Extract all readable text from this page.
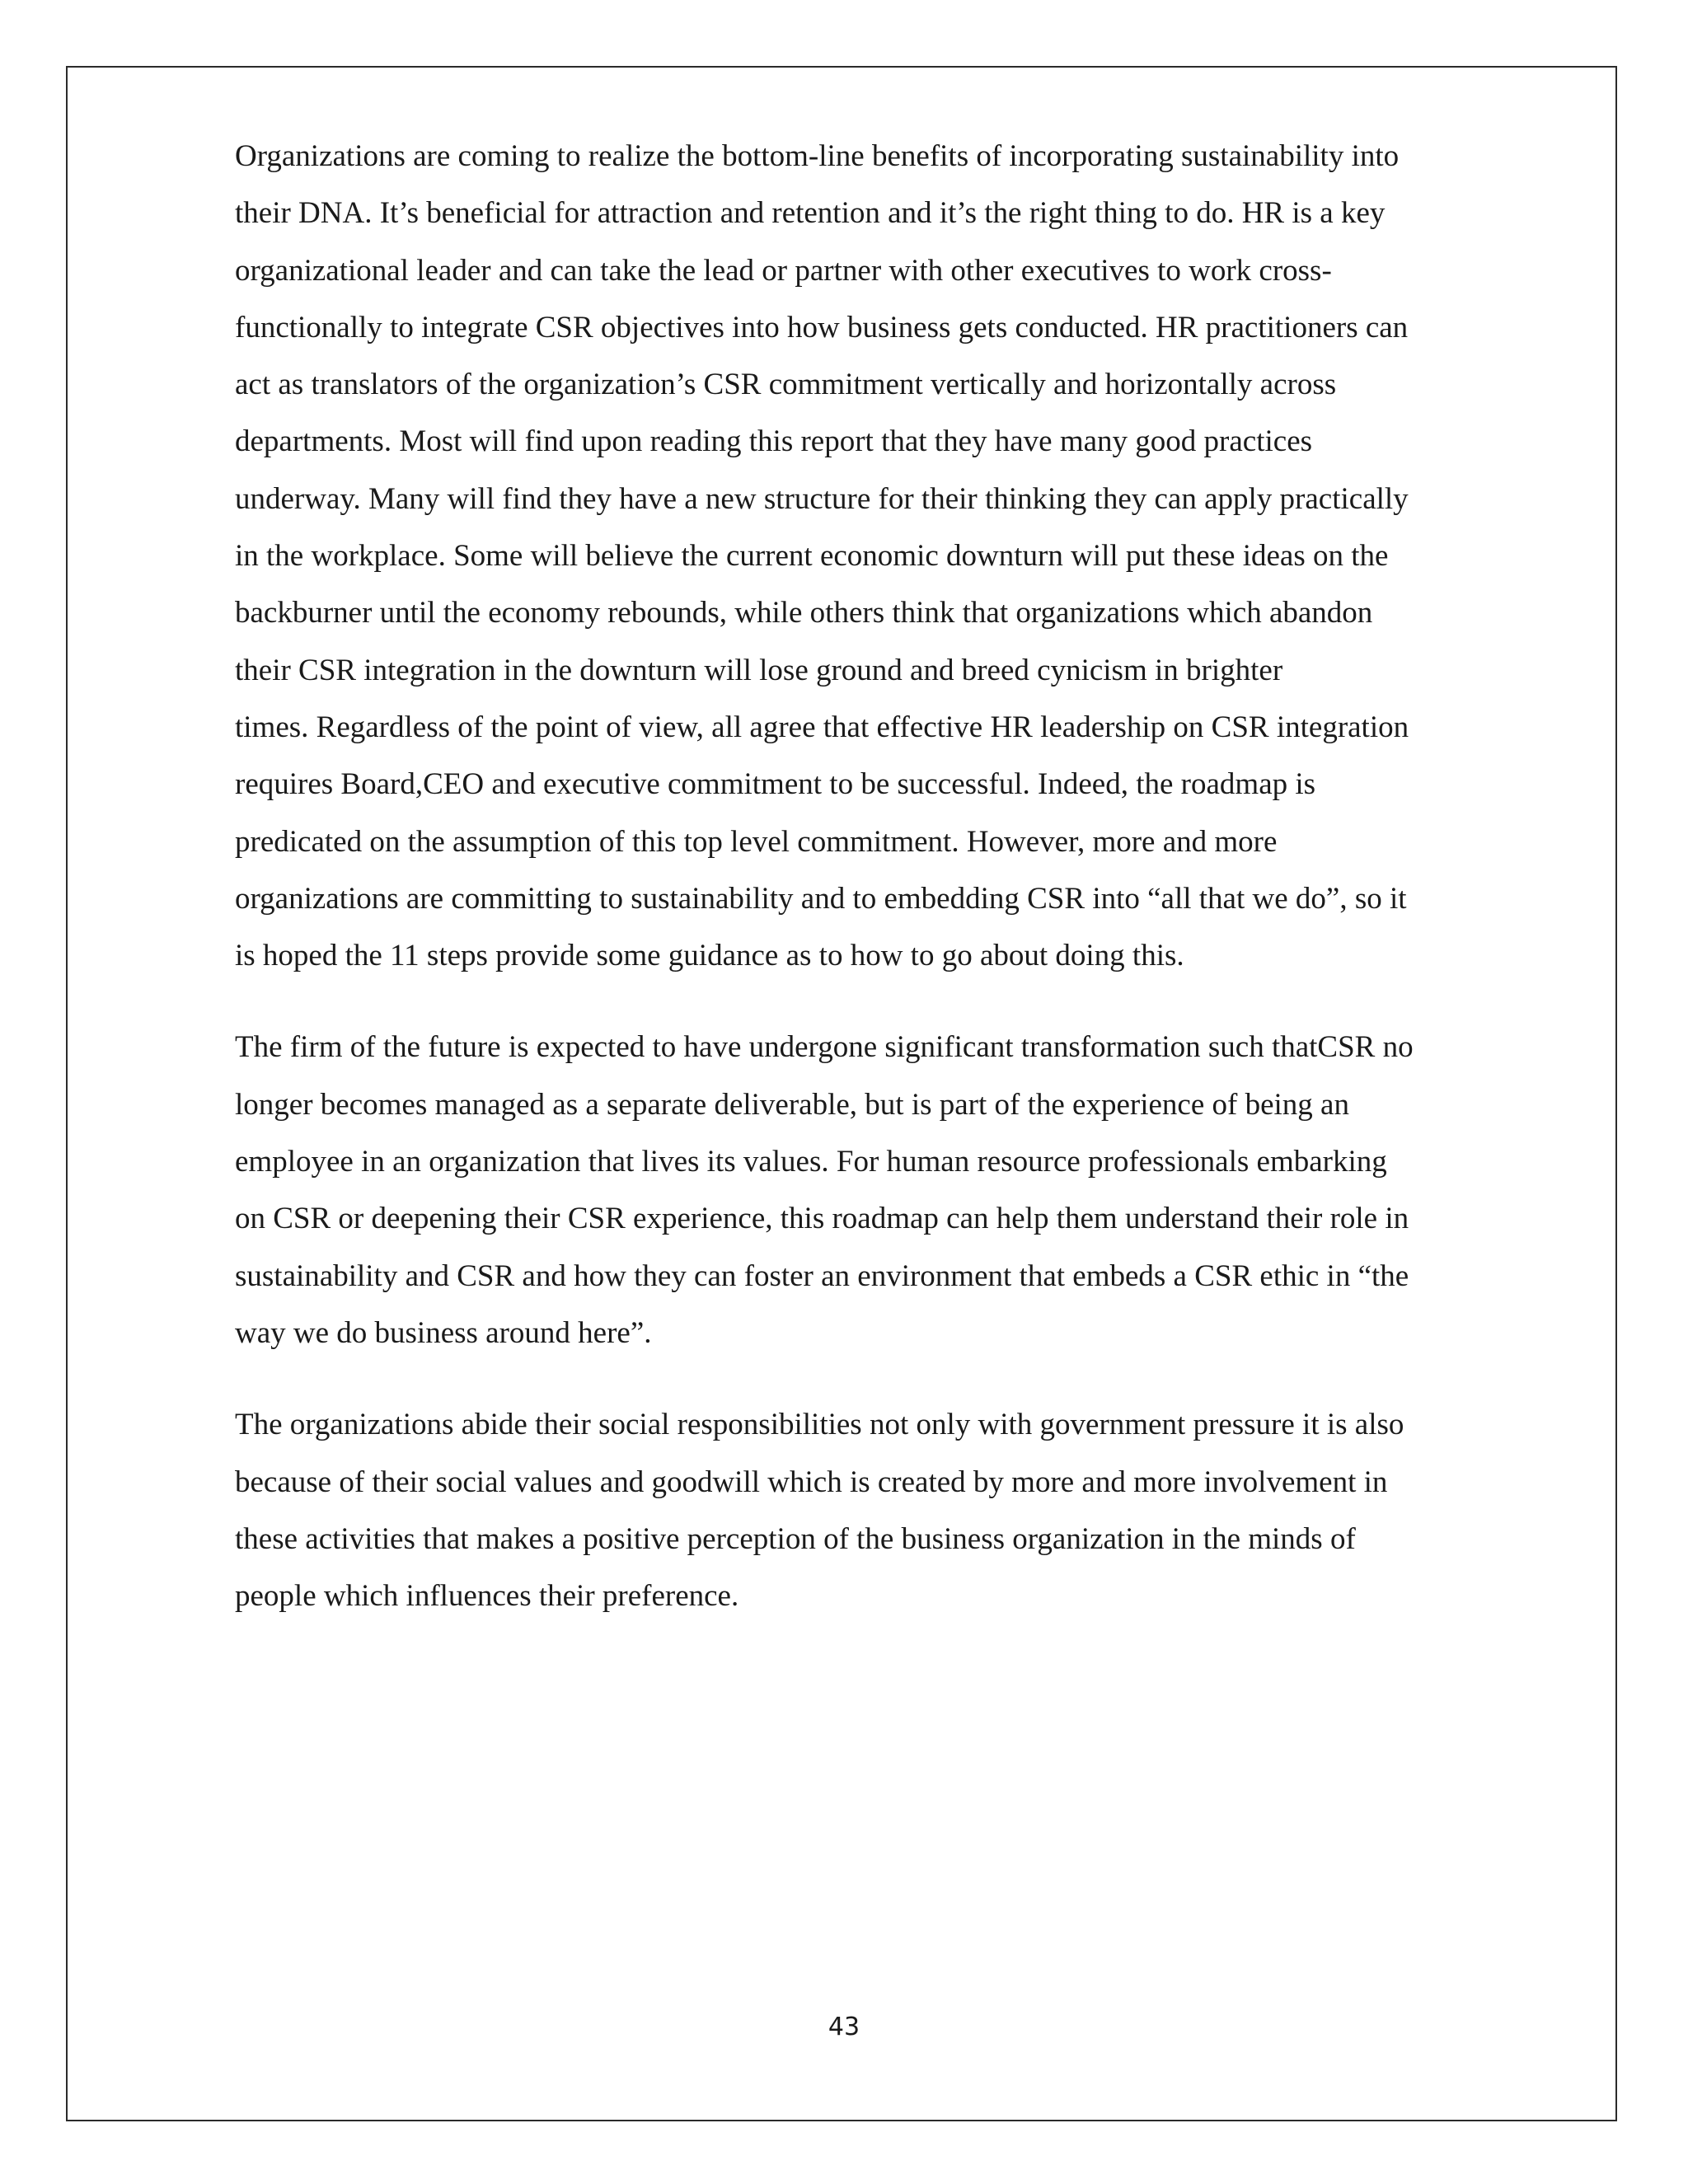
Organizations are coming to realize the bottom-line benefits of incorporating sustainability into
their DNA. It’s beneficial for attraction and retention and it’s the right thing to do. HR is a key
organizational leader and can take the lead or partner with other executives to work cross-
functionally to integrate CSR objectives into how business gets conducted. HR practitioners can
act as translators of the organization’s CSR commitment vertically and horizontally across
departments. Most will find upon reading this report that they have many good practices
underway. Many will find they have a new structure for their thinking they can apply practically
in the workplace. Some will believe the current economic downturn will put these ideas on the
backburner until the economy rebounds, while others think that organizations which abandon
their CSR integration in the downturn will lose ground and breed cynicism in brighter
times. Regardless of the point of view, all agree that effective HR leadership on CSR integration
requires Board,CEO and executive commitment to be successful. Indeed, the roadmap is
predicated on the assumption of this top level commitment. However, more and more
organizations are committing to sustainability and to embedding CSR into “all that we do”, so it
is hoped the 11 steps provide some guidance as to how to go about doing this.

The firm of the future is expected to have undergone significant transformation such thatCSR no
longer becomes managed as a separate deliverable, but is part of the experience of being an
employee in an organization that lives its values. For human resource professionals embarking
on CSR or deepening their CSR experience, this roadmap can help them understand their role in
sustainability and CSR and how they can foster an environment that embeds a CSR ethic in “the
way we do business around here”.

The organizations abide their social responsibilities not only with government pressure it is also
because of their social values and goodwill which is created by more and more involvement in
these activities that makes a positive perception of the business organization in the minds of
people which influences their preference.

43
